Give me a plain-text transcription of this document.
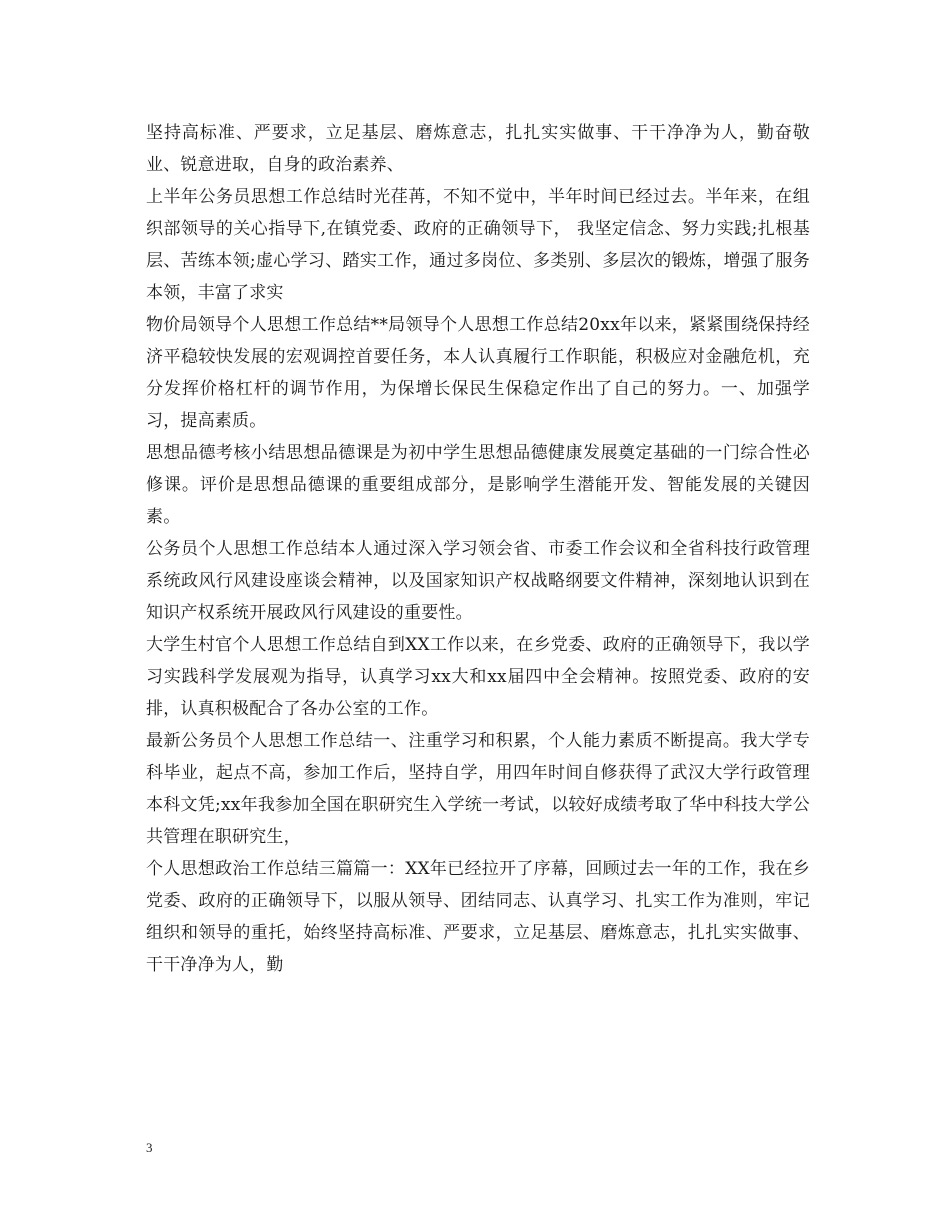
坚持高标准、严要求，立足基层、磨炼意志，扎扎实实做事、干干净净为人，勤奋敬业、锐意进取，自身的政治素养、

上半年公务员思想工作总结时光荏苒，不知不觉中，半年时间已经过去。半年来，在组织部领导的关心指导下,在镇党委、政府的正确领导下， 我坚定信念、努力实践;扎根基层、苦练本领;虚心学习、踏实工作，通过多岗位、多类别、多层次的锻炼，增强了服务本领，丰富了求实

物价局领导个人思想工作总结**局领导个人思想工作总结20xx年以来，紧紧围绕保持经济平稳较快发展的宏观调控首要任务，本人认真履行工作职能，积极应对金融危机，充分发挥价格杠杆的调节作用，为保增长保民生保稳定作出了自己的努力。一、加强学习，提高素质。

思想品德考核小结思想品德课是为初中学生思想品德健康发展奠定基础的一门综合性必修课。评价是思想品德课的重要组成部分，是影响学生潜能开发、智能发展的关键因素。

公务员个人思想工作总结本人通过深入学习领会省、市委工作会议和全省科技行政管理系统政风行风建设座谈会精神，以及国家知识产权战略纲要文件精神，深刻地认识到在知识产权系统开展政风行风建设的重要性。

大学生村官个人思想工作总结自到XX工作以来，在乡党委、政府的正确领导下，我以学习实践科学发展观为指导，认真学习xx大和xx届四中全会精神。按照党委、政府的安排，认真积极配合了各办公室的工作。

最新公务员个人思想工作总结一、注重学习和积累，个人能力素质不断提高。我大学专科毕业，起点不高，参加工作后，坚持自学，用四年时间自修获得了武汉大学行政管理本科文凭;xx年我参加全国在职研究生入学统一考试，以较好成绩考取了华中科技大学公共管理在职研究生，

个人思想政治工作总结三篇篇一：XX年已经拉开了序幕，回顾过去一年的工作，我在乡党委、政府的正确领导下，以服从领导、团结同志、认真学习、扎实工作为准则，牢记组织和领导的重托，始终坚持高标准、严要求，立足基层、磨炼意志，扎扎实实做事、干干净净为人，勤

3
